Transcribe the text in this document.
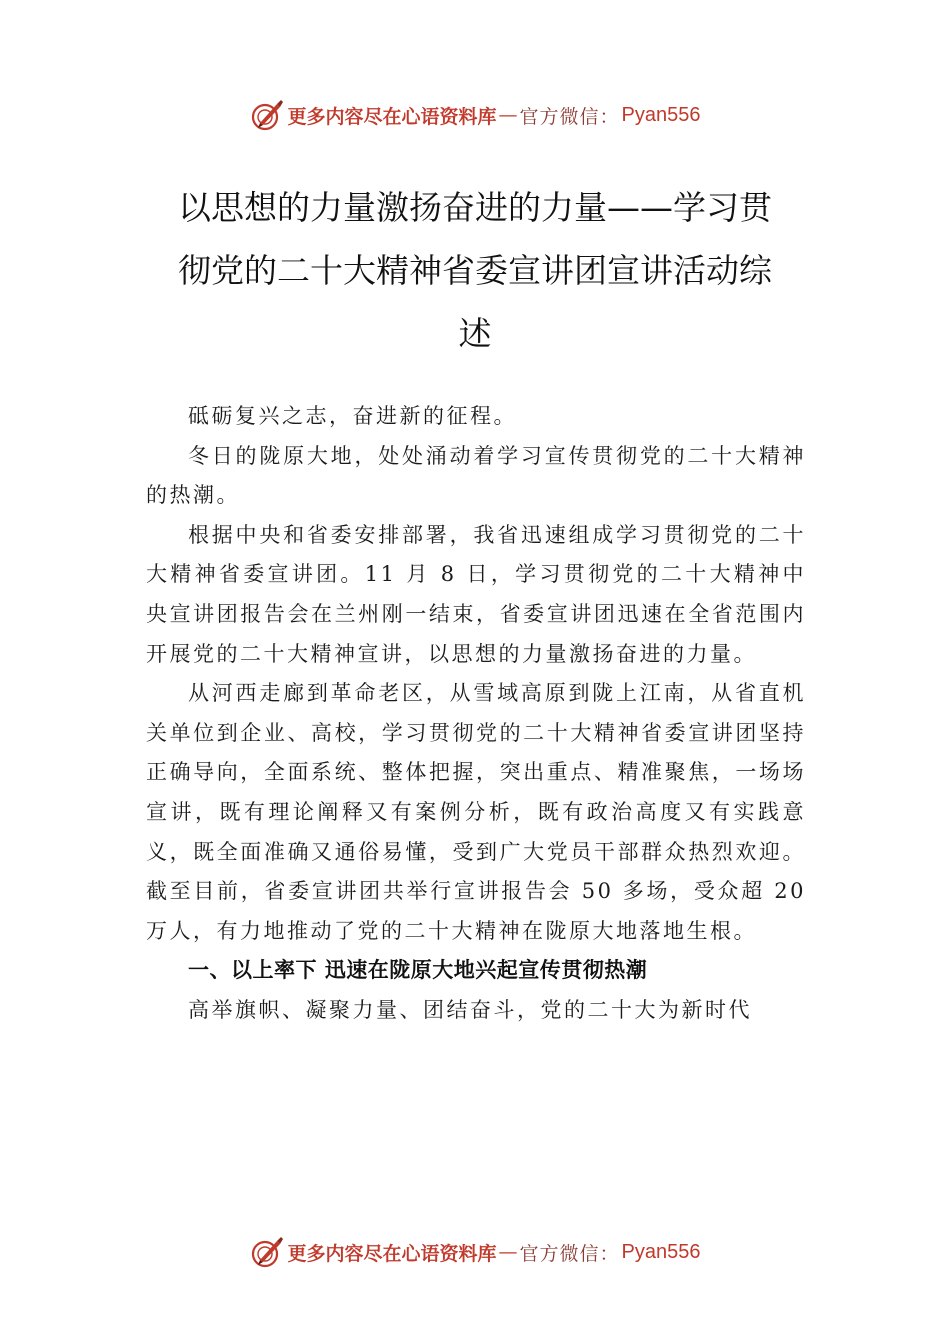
更多内容尽在心语资料库 — 官方微信： Pyan556
以思想的力量激扬奋进的力量——学习贯
彻党的二十大精神省委宣讲团宣讲活动综
述

砥砺复兴之志，奋进新的征程。

冬日的陇原大地，处处涌动着学习宣传贯彻党的二十大精神的热潮。

根据中央和省委安排部署，我省迅速组成学习贯彻党的二十大精神省委宣讲团。11 月 8 日，学习贯彻党的二十大精神中央宣讲团报告会在兰州刚一结束，省委宣讲团迅速在全省范围内开展党的二十大精神宣讲，以思想的力量激扬奋进的力量。

从河西走廊到革命老区，从雪域高原到陇上江南，从省直机关单位到企业、高校，学习贯彻党的二十大精神省委宣讲团坚持正确导向，全面系统、整体把握，突出重点、精准聚焦，一场场宣讲，既有理论阐释又有案例分析，既有政治高度又有实践意义，既全面准确又通俗易懂，受到广大党员干部群众热烈欢迎。截至目前，省委宣讲团共举行宣讲报告会 50 多场，受众超 20 万人，有力地推动了党的二十大精神在陇原大地落地生根。

一、以上率下 迅速在陇原大地兴起宣传贯彻热潮

高举旗帜、凝聚力量、团结奋斗，党的二十大为新时代

更多内容尽在心语资料库 — 官方微信： Pyan556
